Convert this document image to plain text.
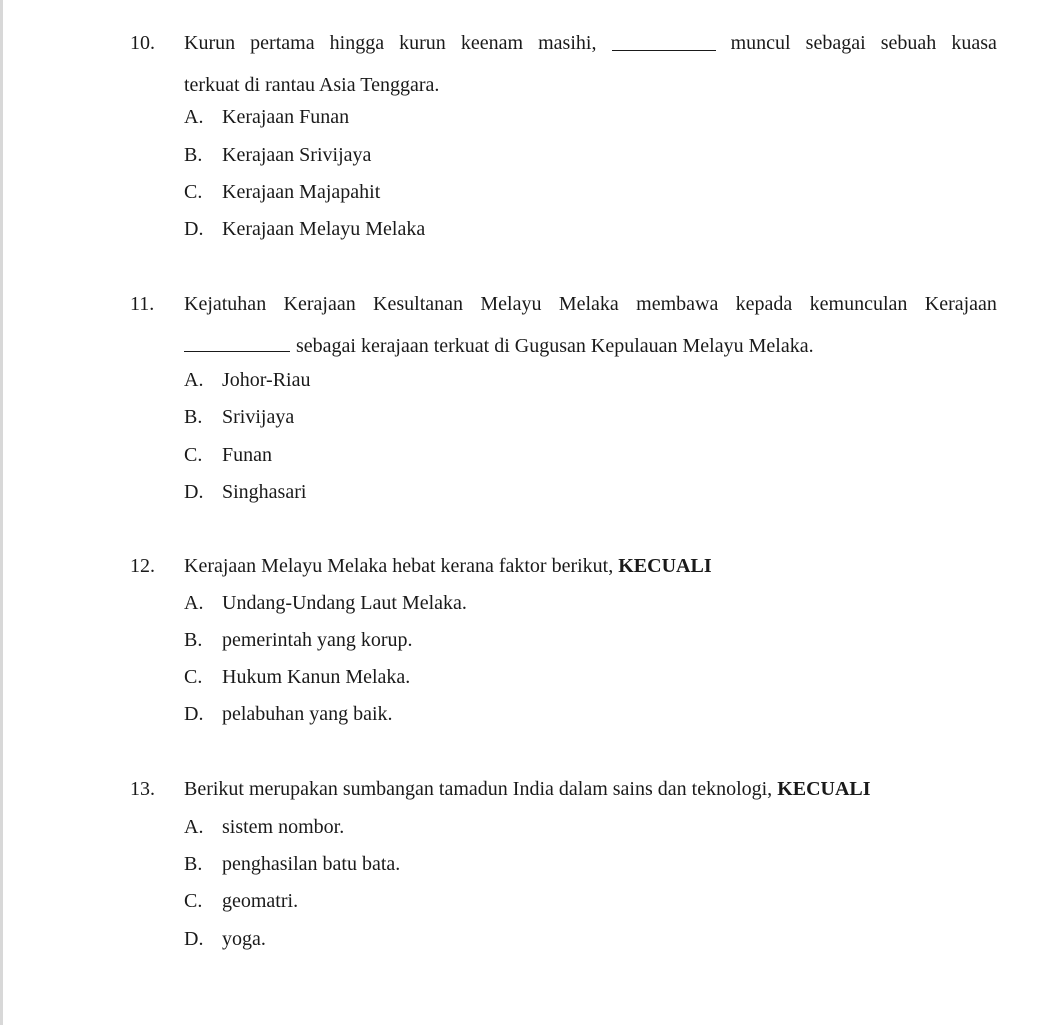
10. Kurun pertama hingga kurun keenam masihi,	muncul sebagai sebuah kuasa
terkuat di rantau Asia Tenggara.
A. Kerajaan Funan
B. Kerajaan Srivijaya
C. Kerajaan Majapahit
D. Kerajaan Melayu Melaka
11. Kejatuhan Kerajaan Kesultanan Melayu Melaka membawa kepada kemunculan Kerajaan
sebagai kerajaan terkuat di Gugusan Kepulauan Melayu Melaka.
A. Johor-Riau
B. Srivijaya
C. Funan
D. Singhasari
12. Kerajaan Melayu Melaka hebat kerana faktor berikut, KECUALI
A. Undang-Undang Laut Melaka.
B. pemerintah yang korup.
C. Hukum Kanun Melaka.
D. pelabuhan yang baik.
13. Berikut merupakan sumbangan tamadun India dalam sains dan teknologi, KECUALI
A. sistem nombor.
B. penghasilan batu bata.
C. geomatri.
D. yoga.
